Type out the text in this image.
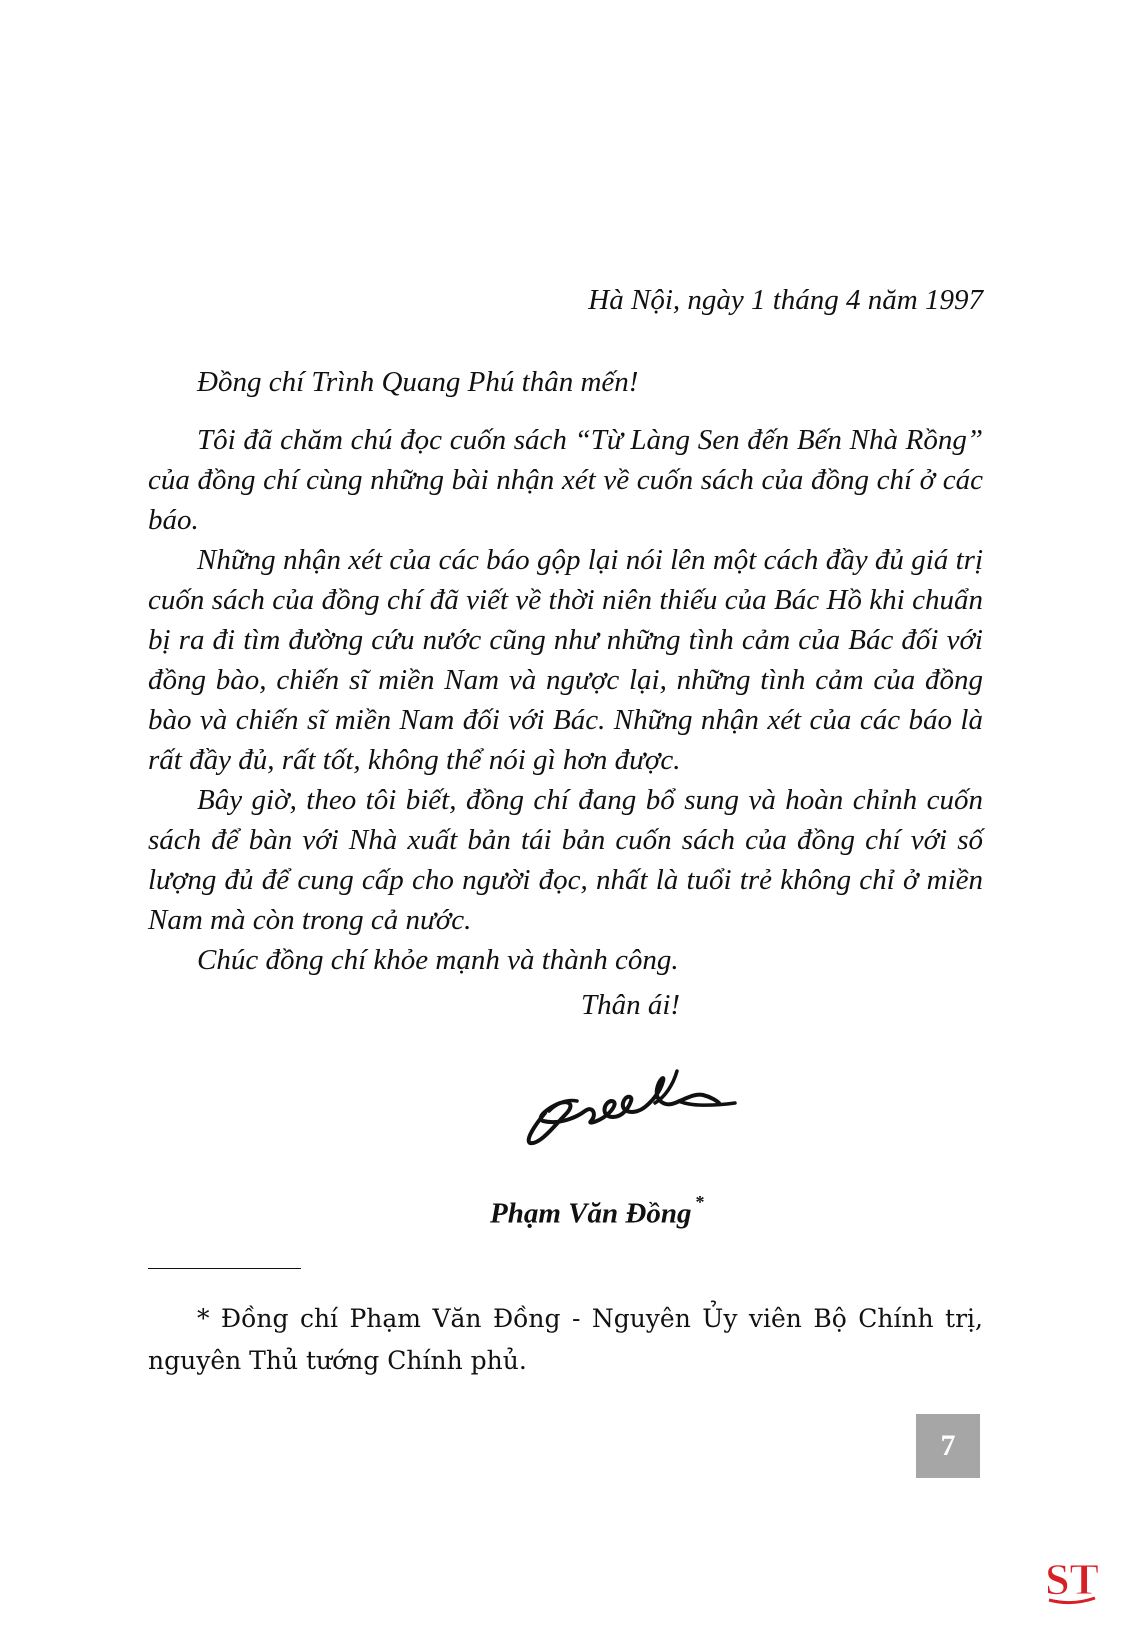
Hà Nội, ngày 1 tháng 4 năm 1997
Đồng chí Trình Quang Phú thân mến!

Tôi đã chăm chú đọc cuốn sách “Từ Làng Sen đến Bến Nhà Rồng” của đồng chí cùng những bài nhận xét về cuốn sách của đồng chí ở các báo.

Những nhận xét của các báo gộp lại nói lên một cách đầy đủ giá trị cuốn sách của đồng chí đã viết về thời niên thiếu của Bác Hồ khi chuẩn bị ra đi tìm đường cứu nước cũng như những tình cảm của Bác đối với đồng bào, chiến sĩ miền Nam và ngược lại, những tình cảm của đồng bào và chiến sĩ miền Nam đối với Bác. Những nhận xét của các báo là rất đầy đủ, rất tốt, không thể nói gì hơn được.

Bây giờ, theo tôi biết, đồng chí đang bổ sung và hoàn chỉnh cuốn sách để bàn với Nhà xuất bản tái bản cuốn sách của đồng chí với số lượng đủ để cung cấp cho người đọc, nhất là tuổi trẻ không chỉ ở miền Nam mà còn trong cả nước.

Chúc đồng chí khỏe mạnh và thành công.

Thân ái!
Phạm Văn Đồng *
* Đồng chí Phạm Văn Đồng - Nguyên Ủy viên Bộ Chính trị, nguyên Thủ tướng Chính phủ.
7
ST
